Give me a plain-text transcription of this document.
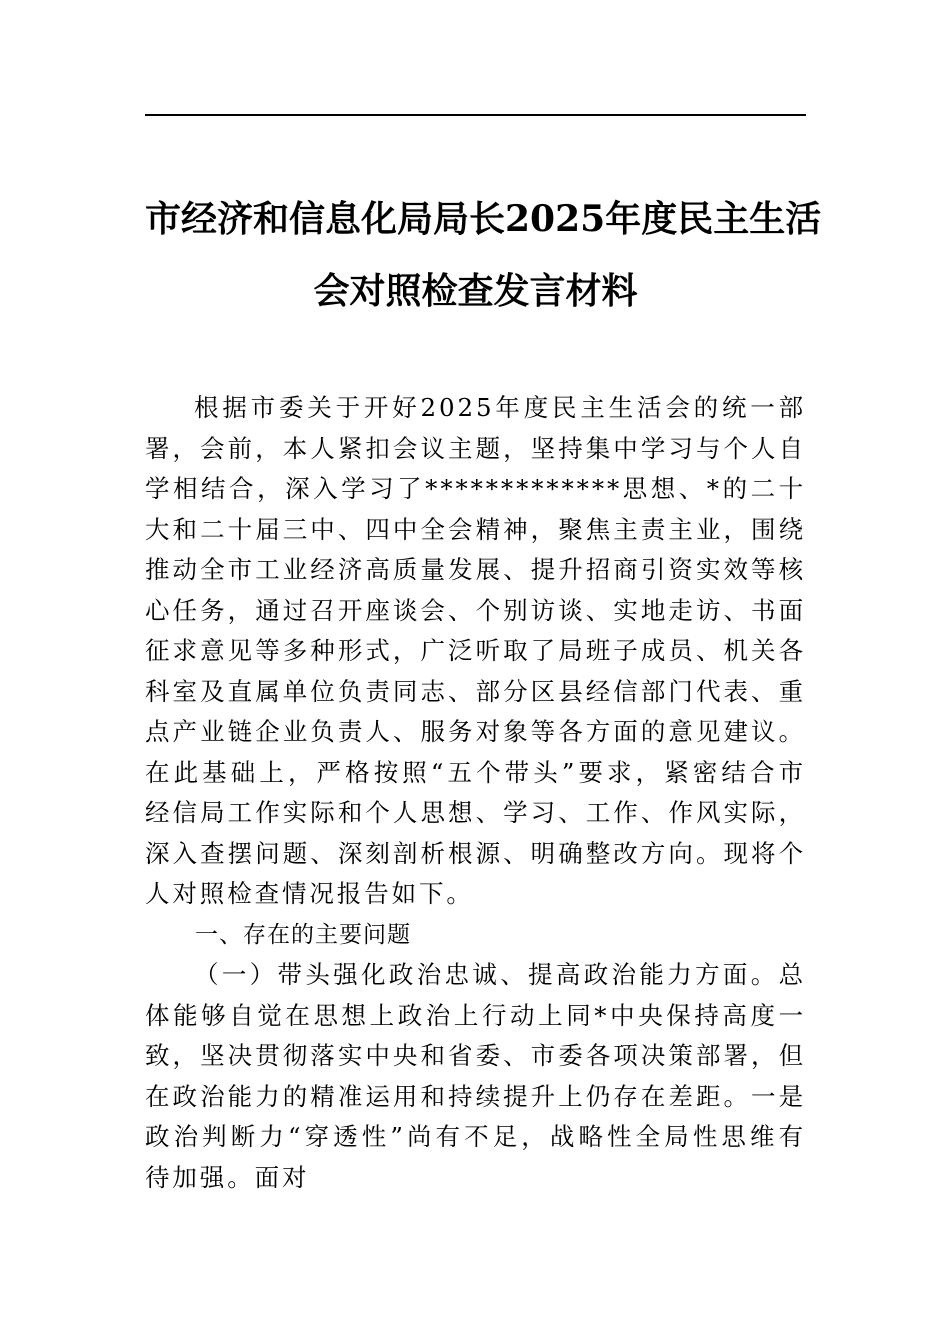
市经济和信息化局局长2025年度民主生活
会对照检查发言材料

根据市委关于开好2025年度民主生活会的统一部署，会前，本人紧扣会议主题，坚持集中学习与个人自学相结合，深入学习了*************思想、*的二十大和二十届三中、四中全会精神，聚焦主责主业，围绕推动全市工业经济高质量发展、提升招商引资实效等核心任务，通过召开座谈会、个别访谈、实地走访、书面征求意见等多种形式，广泛听取了局班子成员、机关各科室及直属单位负责同志、部分区县经信部门代表、重点产业链企业负责人、服务对象等各方面的意见建议。在此基础上，严格按照“五个带头”要求，紧密结合市经信局工作实际和个人思想、学习、工作、作风实际，深入查摆问题、深刻剖析根源、明确整改方向。现将个人对照检查情况报告如下。

一、存在的主要问题

（一）带头强化政治忠诚、提高政治能力方面。总体能够自觉在思想上政治上行动上同*中央保持高度一致，坚决贯彻落实中央和省委、市委各项决策部署，但在政治能力的精准运用和持续提升上仍存在差距。一是政治判断力“穿透性”尚有不足，战略性全局性思维有待加强。面对
